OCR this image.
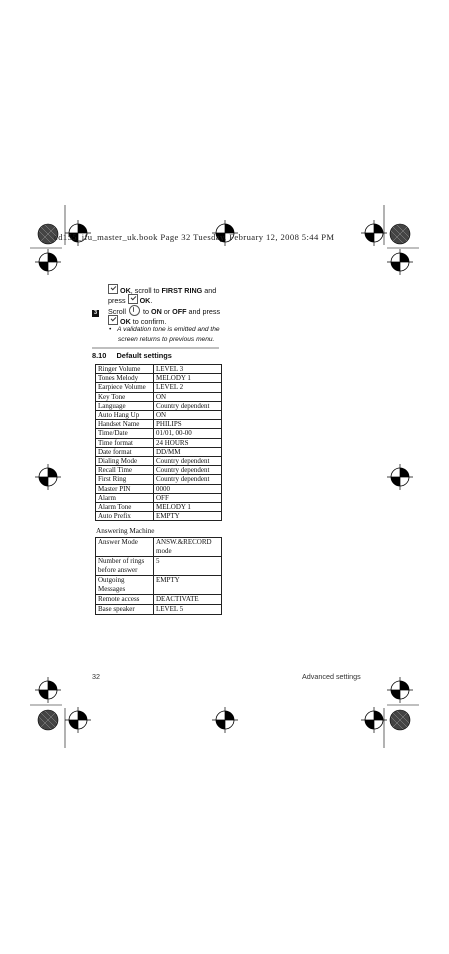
cd155_ifu_master_uk.book Page 32 Tuesday, February 12, 2008 5:44 PM
OK, scroll to FIRST RING and
press OK.
3 Scroll  to ON or OFF and press
OK to confirm.
• A validation tone is emitted and the
screen returns to previous menu.
8.10 Default settings
Ringer Volume	LEVEL 3
Tones Melody	MELODY 1
Earpiece Volume	LEVEL 2
Key Tone	ON
Language	Country dependent
Auto Hang Up	ON
Handset Name	PHILIPS
Time/Date	01/01, 00-00
Time format	24 HOURS
Date format	DD/MM
Dialing Mode	Country dependent
Recall Time	Country dependent
First Ring	Country dependent
Master PIN	0000
Alarm	OFF
Alarm Tone	MELODY 1
Auto Prefix	EMPTY
Answering Machine
Answer Mode	ANSW.&RECORD mode
Number of rings before answer	5
Outgoing Messages	EMPTY
Remote access	DEACTIVATE
Base speaker	LEVEL 5
32	Advanced settings
